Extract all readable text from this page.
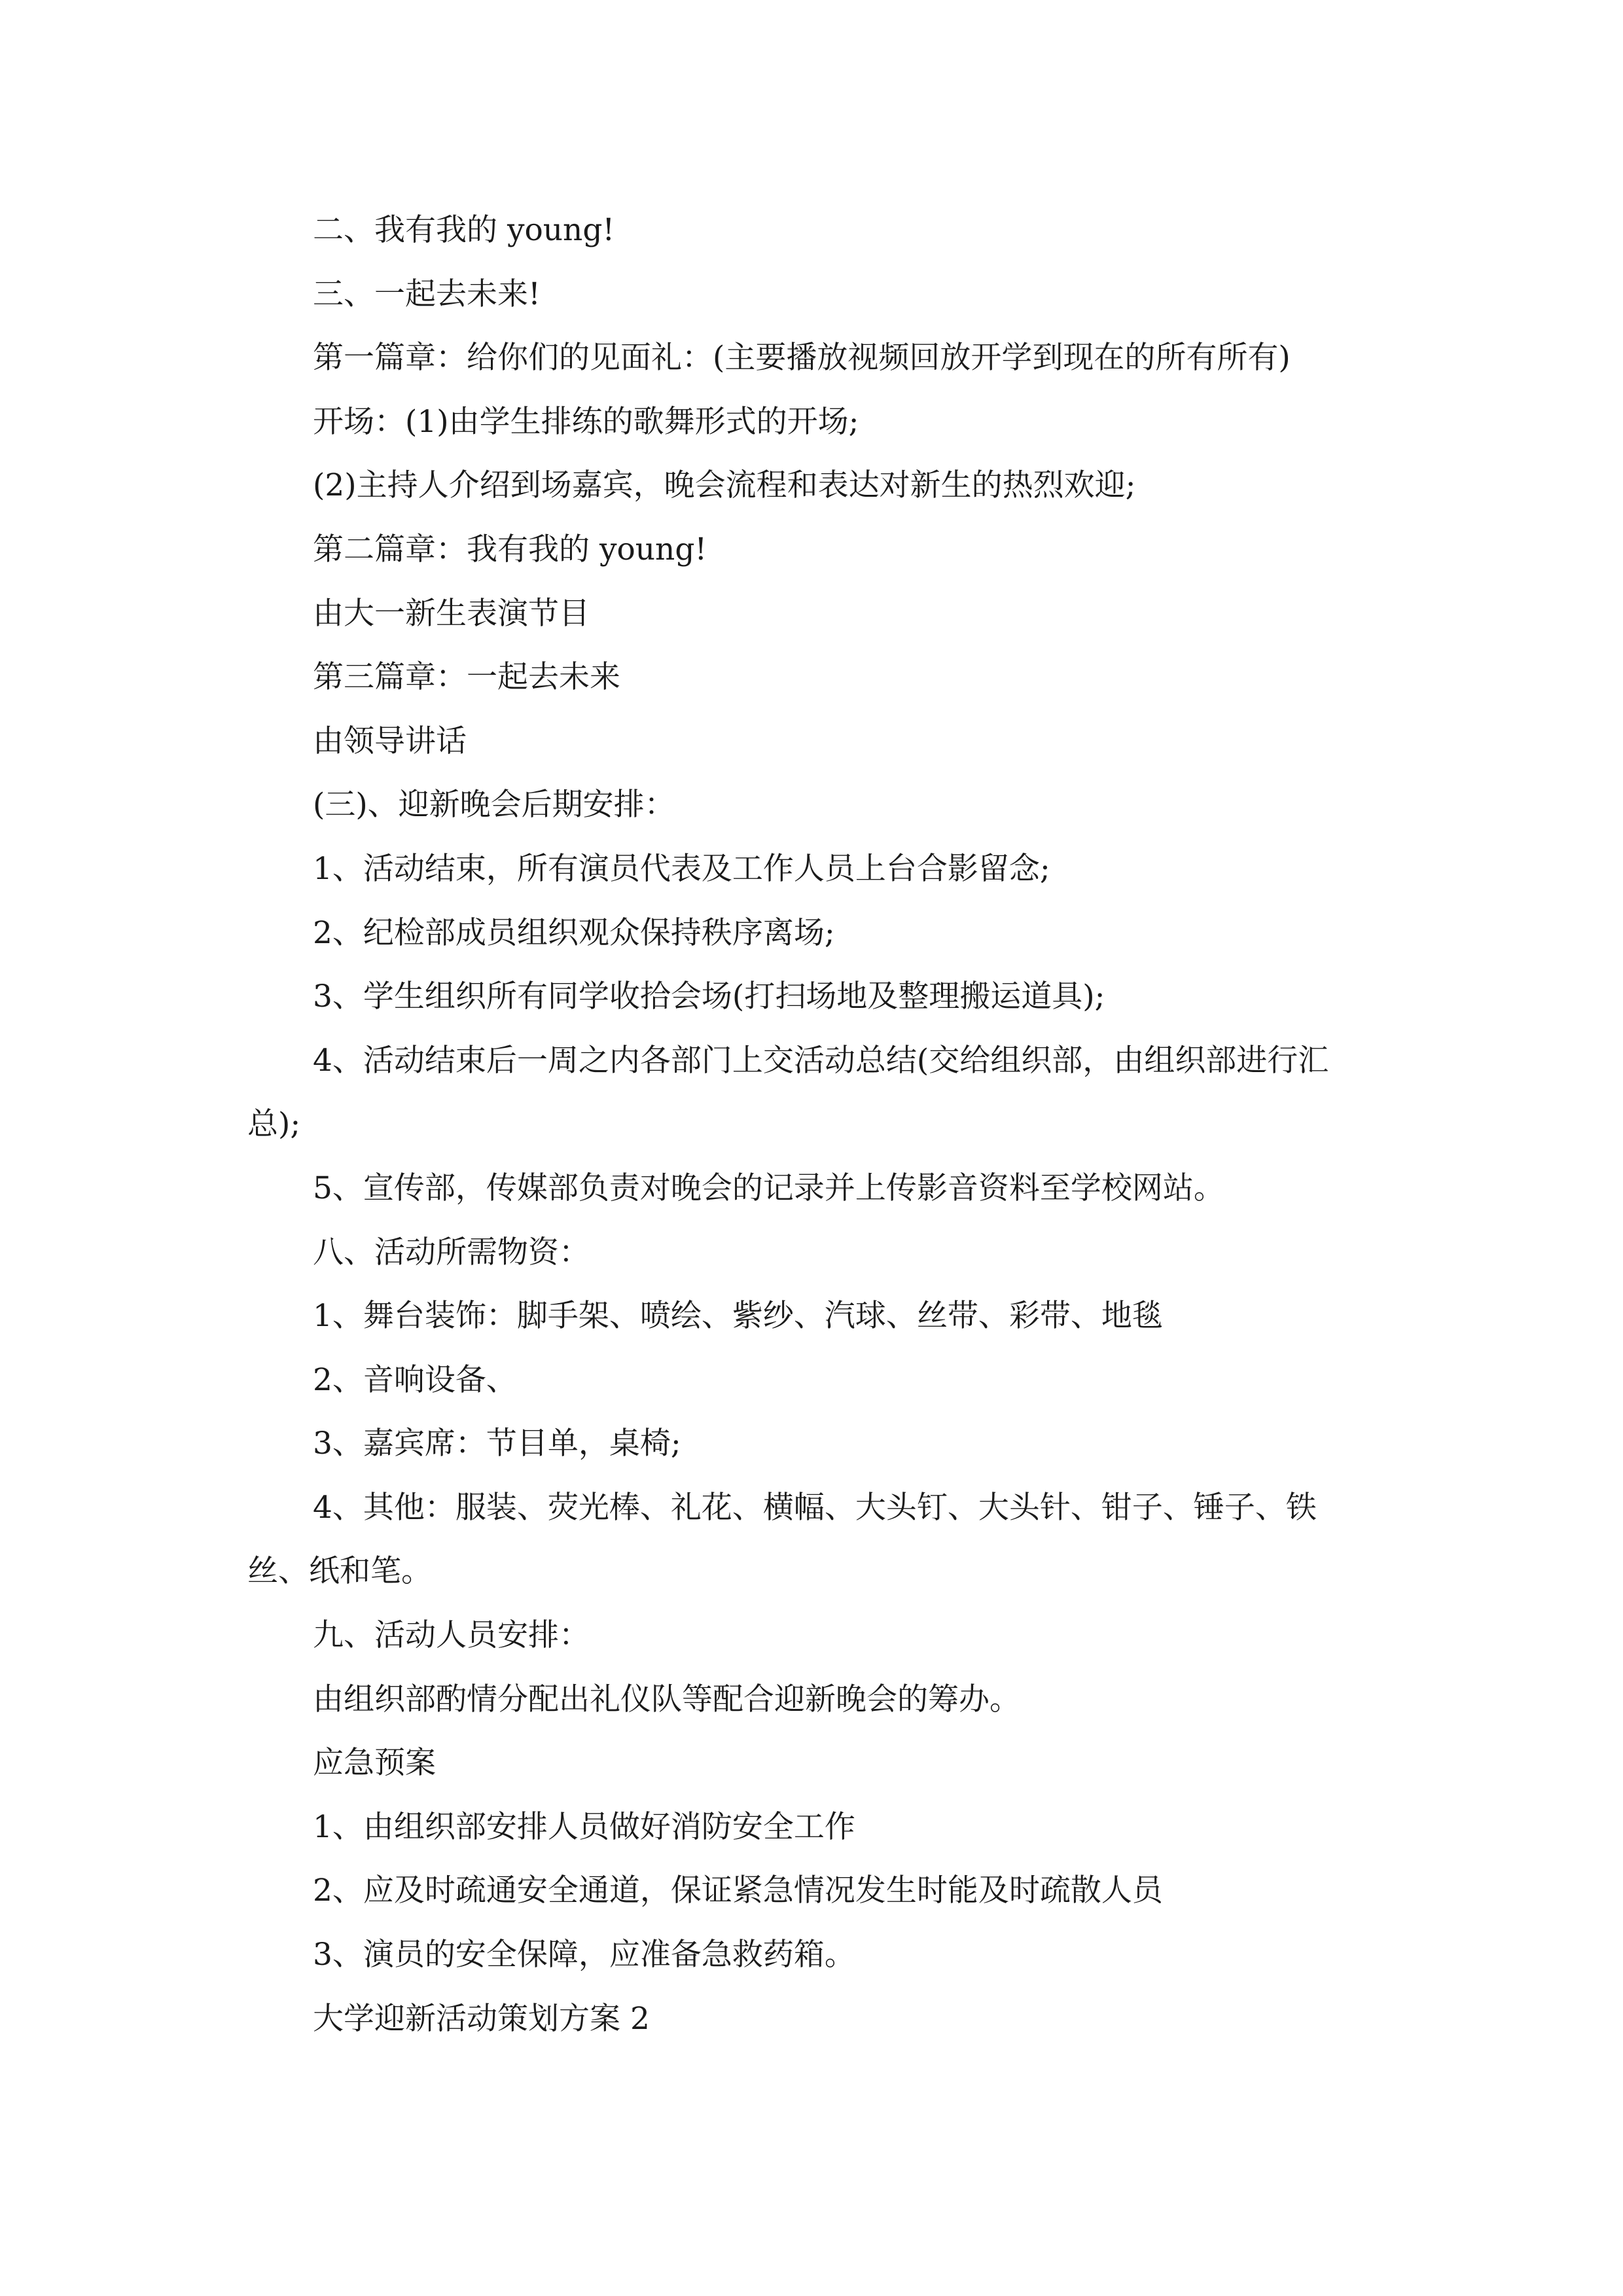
二、我有我的 young!
三、一起去未来!
第一篇章：给你们的见面礼：(主要播放视频回放开学到现在的所有所有)
开场：(1)由学生排练的歌舞形式的开场;
(2)主持人介绍到场嘉宾，晚会流程和表达对新生的热烈欢迎;
第二篇章：我有我的 young!
由大一新生表演节目
第三篇章：一起去未来
由领导讲话
(三)、迎新晚会后期安排：
1、活动结束，所有演员代表及工作人员上台合影留念;
2、纪检部成员组织观众保持秩序离场;
3、学生组织所有同学收拾会场(打扫场地及整理搬运道具);
4、活动结束后一周之内各部门上交活动总结(交给组织部，由组织部进行汇
总);
5、宣传部，传媒部负责对晚会的记录并上传影音资料至学校网站。
八、活动所需物资：
1、舞台装饰：脚手架、喷绘、紫纱、汽球、丝带、彩带、地毯
2、音响设备、
3、嘉宾席：节目单，桌椅;
4、其他：服装、荧光棒、礼花、横幅、大头钉、大头针、钳子、锤子、铁
丝、纸和笔。
九、活动人员安排：
由组织部酌情分配出礼仪队等配合迎新晚会的筹办。
应急预案
1、由组织部安排人员做好消防安全工作
2、应及时疏通安全通道，保证紧急情况发生时能及时疏散人员
3、演员的安全保障，应准备急救药箱。
大学迎新活动策划方案 2
